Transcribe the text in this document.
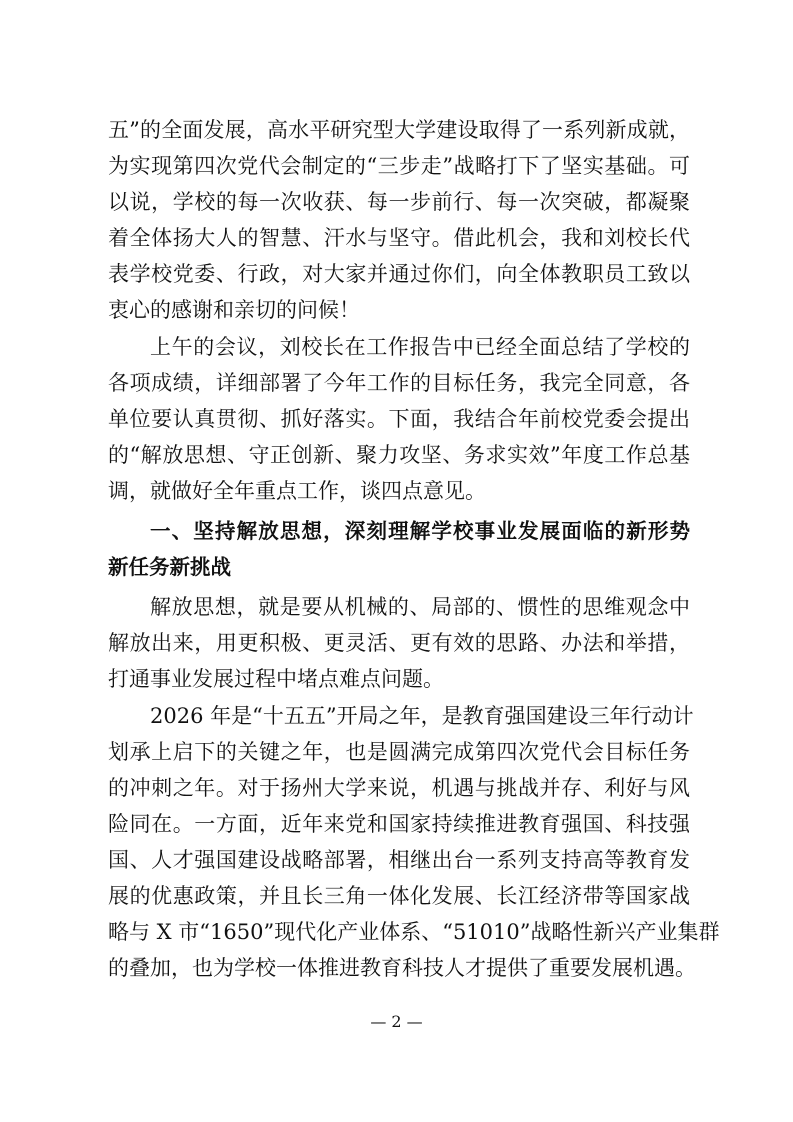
五”的全面发展，高水平研究型大学建设取得了一系列新成就，
为实现第四次党代会制定的“三步走”战略打下了坚实基础。可
以说，学校的每一次收获、每一步前行、每一次突破，都凝聚
着全体扬大人的智慧、汗水与坚守。借此机会，我和刘校长代
表学校党委、行政，对大家并通过你们，向全体教职员工致以
衷心的感谢和亲切的问候！
上午的会议，刘校长在工作报告中已经全面总结了学校的
各项成绩，详细部署了今年工作的目标任务，我完全同意，各
单位要认真贯彻、抓好落实。下面，我结合年前校党委会提出
的“解放思想、守正创新、聚力攻坚、务求实效”年度工作总基
调，就做好全年重点工作，谈四点意见。
一、坚持解放思想，深刻理解学校事业发展面临的新形势
新任务新挑战
解放思想，就是要从机械的、局部的、惯性的思维观念中
解放出来，用更积极、更灵活、更有效的思路、办法和举措，
打通事业发展过程中堵点难点问题。
2026 年是“十五五”开局之年，是教育强国建设三年行动计
划承上启下的关键之年，也是圆满完成第四次党代会目标任务
的冲刺之年。对于扬州大学来说，机遇与挑战并存、利好与风
险同在。一方面，近年来党和国家持续推进教育强国、科技强
国、人才强国建设战略部署，相继出台一系列支持高等教育发
展的优惠政策，并且长三角一体化发展、长江经济带等国家战
略与 X 市“1650”现代化产业体系、“51010”战略性新兴产业集群
的叠加，也为学校一体推进教育科技人才提供了重要发展机遇。
— 2 —
